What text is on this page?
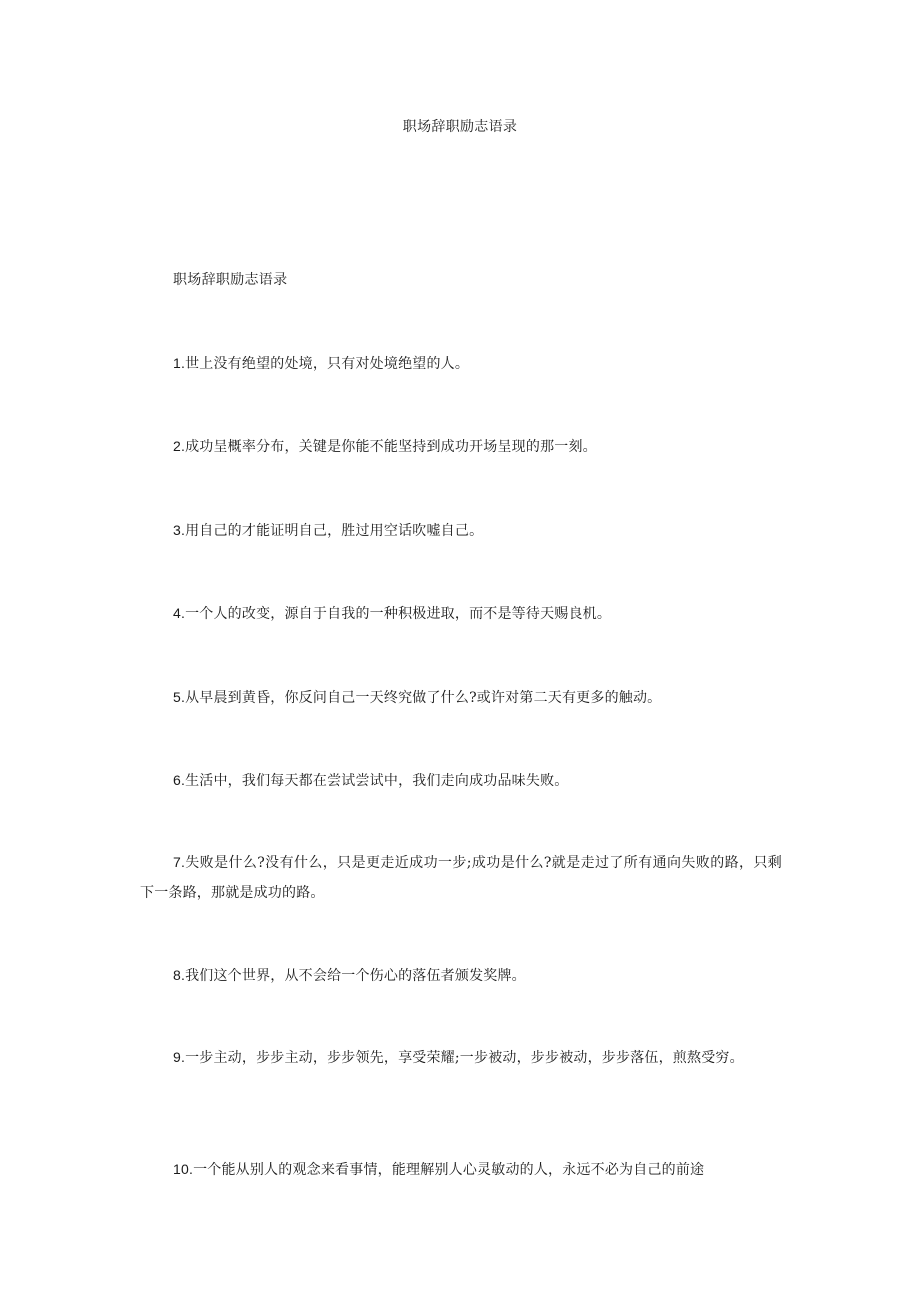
职场辞职励志语录
职场辞职励志语录

1.世上没有绝望的处境，只有对处境绝望的人。

2.成功呈概率分布，关键是你能不能坚持到成功开场呈现的那一刻。

3.用自己的才能证明自己，胜过用空话吹嘘自己。

4.一个人的改变，源自于自我的一种积极进取，而不是等待天赐良机。

5.从早晨到黄昏，你反问自己一天终究做了什么?或许对第二天有更多的触动。

6.生活中，我们每天都在尝试尝试中，我们走向成功品味失败。

7.失败是什么?没有什么，只是更走近成功一步;成功是什么?就是走过了所有通向失败的路，只剩下一条路，那就是成功的路。

8.我们这个世界，从不会给一个伤心的落伍者颁发奖牌。

9.一步主动，步步主动，步步领先，享受荣耀;一步被动，步步被动，步步落伍，煎熬受穷。

10.一个能从别人的观念来看事情，能理解别人心灵敏动的人，永远不必为自己的前途
